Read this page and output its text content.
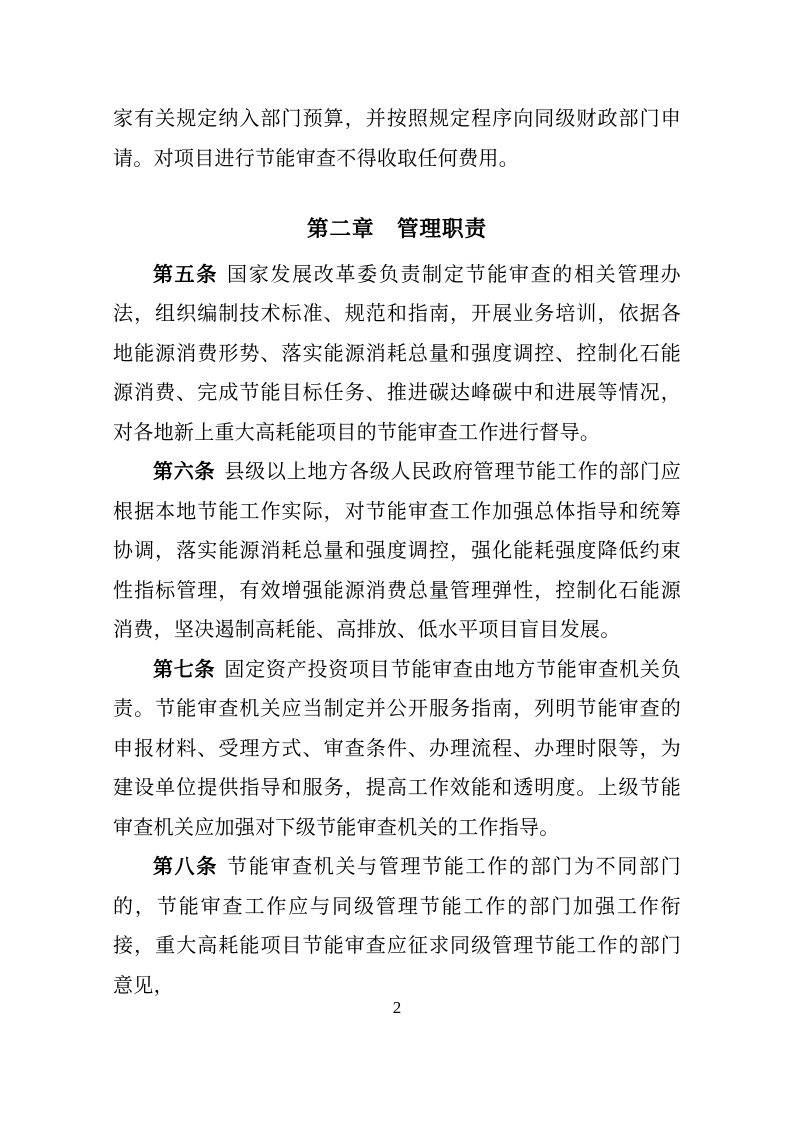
家有关规定纳入部门预算，并按照规定程序向同级财政部门申请。对项目进行节能审查不得收取任何费用。

第二章　管理职责

第五条 国家发展改革委负责制定节能审查的相关管理办法，组织编制技术标准、规范和指南，开展业务培训，依据各地能源消费形势、落实能源消耗总量和强度调控、控制化石能源消费、完成节能目标任务、推进碳达峰碳中和进展等情况，对各地新上重大高耗能项目的节能审查工作进行督导。

第六条 县级以上地方各级人民政府管理节能工作的部门应根据本地节能工作实际，对节能审查工作加强总体指导和统筹协调，落实能源消耗总量和强度调控，强化能耗强度降低约束性指标管理，有效增强能源消费总量管理弹性，控制化石能源消费，坚决遏制高耗能、高排放、低水平项目盲目发展。

第七条 固定资产投资项目节能审查由地方节能审查机关负责。节能审查机关应当制定并公开服务指南，列明节能审查的申报材料、受理方式、审查条件、办理流程、办理时限等，为建设单位提供指导和服务，提高工作效能和透明度。上级节能审查机关应加强对下级节能审查机关的工作指导。

第八条 节能审查机关与管理节能工作的部门为不同部门的，节能审查工作应与同级管理节能工作的部门加强工作衔接，重大高耗能项目节能审查应征求同级管理节能工作的部门意见，

2
